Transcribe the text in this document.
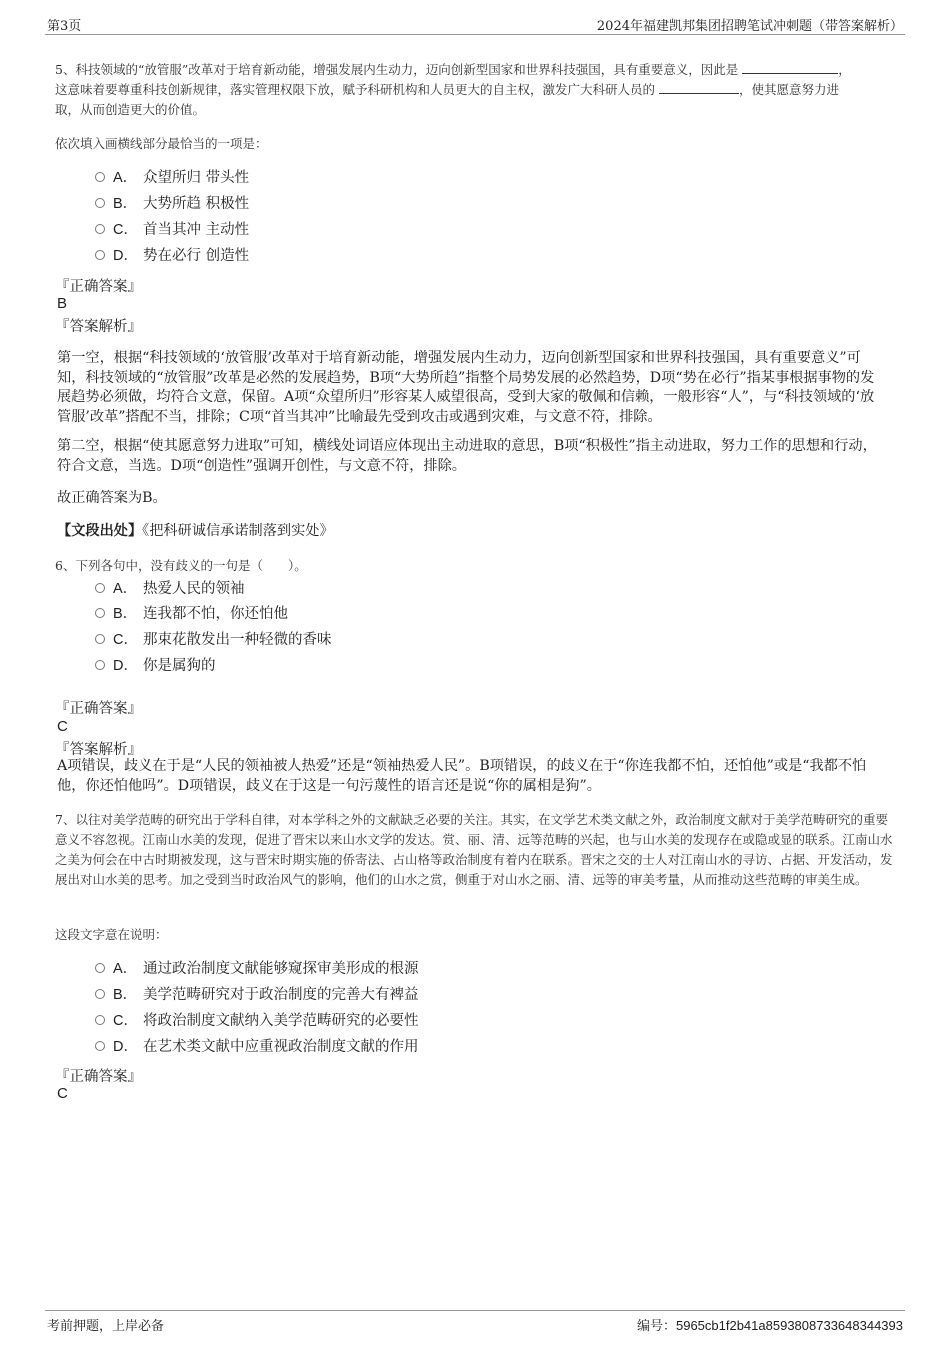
第3页	2024年福建凯邦集团招聘笔试冲刺题（带答案解析）
5、科技领域的“放管服”改革对于培育新动能，增强发展内生动力，迈向创新型国家和世界科技强国，具有重要意义，因此是	，
这意味着要尊重科技创新规律，落实管理权限下放，赋予科研机构和人员更大的自主权，激发广大科研人员的	，使其愿意努力进
取，从而创造更大的价值。
依次填入画横线部分最恰当的一项是：
A． 众望所归 带头性
B． 大势所趋 积极性
C． 首当其冲 主动性
D． 势在必行 创造性
『正确答案』
B
『答案解析』
第一空，根据“科技领域的‘放管服’改革对于培育新动能，增强发展内生动力，迈向创新型国家和世界科技强国，具有重要意义”可知，科技领域的“放管服”改革是必然的发展趋势，B项“大势所趋”指整个局势发展的必然趋势，D项“势在必行”指某事根据事物的发展趋势必须做，均符合文意，保留。A项“众望所归”形容某人威望很高，受到大家的敬佩和信赖，一般形容“人”，与“科技领域的‘放管服’改革”搭配不当，排除；C项“首当其冲”比喻最先受到攻击或遇到灾难，与文意不符，排除。
第二空，根据“使其愿意努力进取”可知，横线处词语应体现出主动进取的意思，B项“积极性”指主动进取，努力工作的思想和行动，符合文意，当选。D项“创造性”强调开创性，与文意不符，排除。
故正确答案为B。
【文段出处】《把科研诚信承诺制落到实处》
6、下列各句中，没有歧义的一句是（　　）。
A． 热爱人民的领袖
B． 连我都不怕，你还怕他
C． 那束花散发出一种轻微的香味
D． 你是属狗的
『正确答案』
C
『答案解析』
A项错误，歧义在于是“人民的领袖被人热爱”还是“领袖热爱人民”。B项错误，的歧义在于“你连我都不怕，还怕他”或是“我都不怕他，你还怕他吗”。D项错误，歧义在于这是一句污蔑性的语言还是说“你的属相是狗”。
7、以往对美学范畴的研究出于学科自律，对本学科之外的文献缺乏必要的关注。其实，在文学艺术类文献之外，政治制度文献对于美学范畴研究的重要意义不容忽视。江南山水美的发现，促进了晋宋以来山水文学的发达。赏、丽、清、远等范畴的兴起，也与山水美的发现存在或隐或显的联系。江南山水之美为何会在中古时期被发现，这与晋宋时期实施的侨寄法、占山格等政治制度有着内在联系。晋宋之交的士人对江南山水的寻访、占据、开发活动，发展出对山水美的思考。加之受到当时政治风气的影响，他们的山水之赏，侧重于对山水之丽、清、远等的审美考量，从而推动这些范畴的审美生成。
这段文字意在说明：
A． 通过政治制度文献能够窥探审美形成的根源
B． 美学范畴研究对于政治制度的完善大有裨益
C． 将政治制度文献纳入美学范畴研究的必要性
D． 在艺术类文献中应重视政治制度文献的作用
『正确答案』
C
考前押题，上岸必备	编号：5965cb1f2b41a8593808733648344393
